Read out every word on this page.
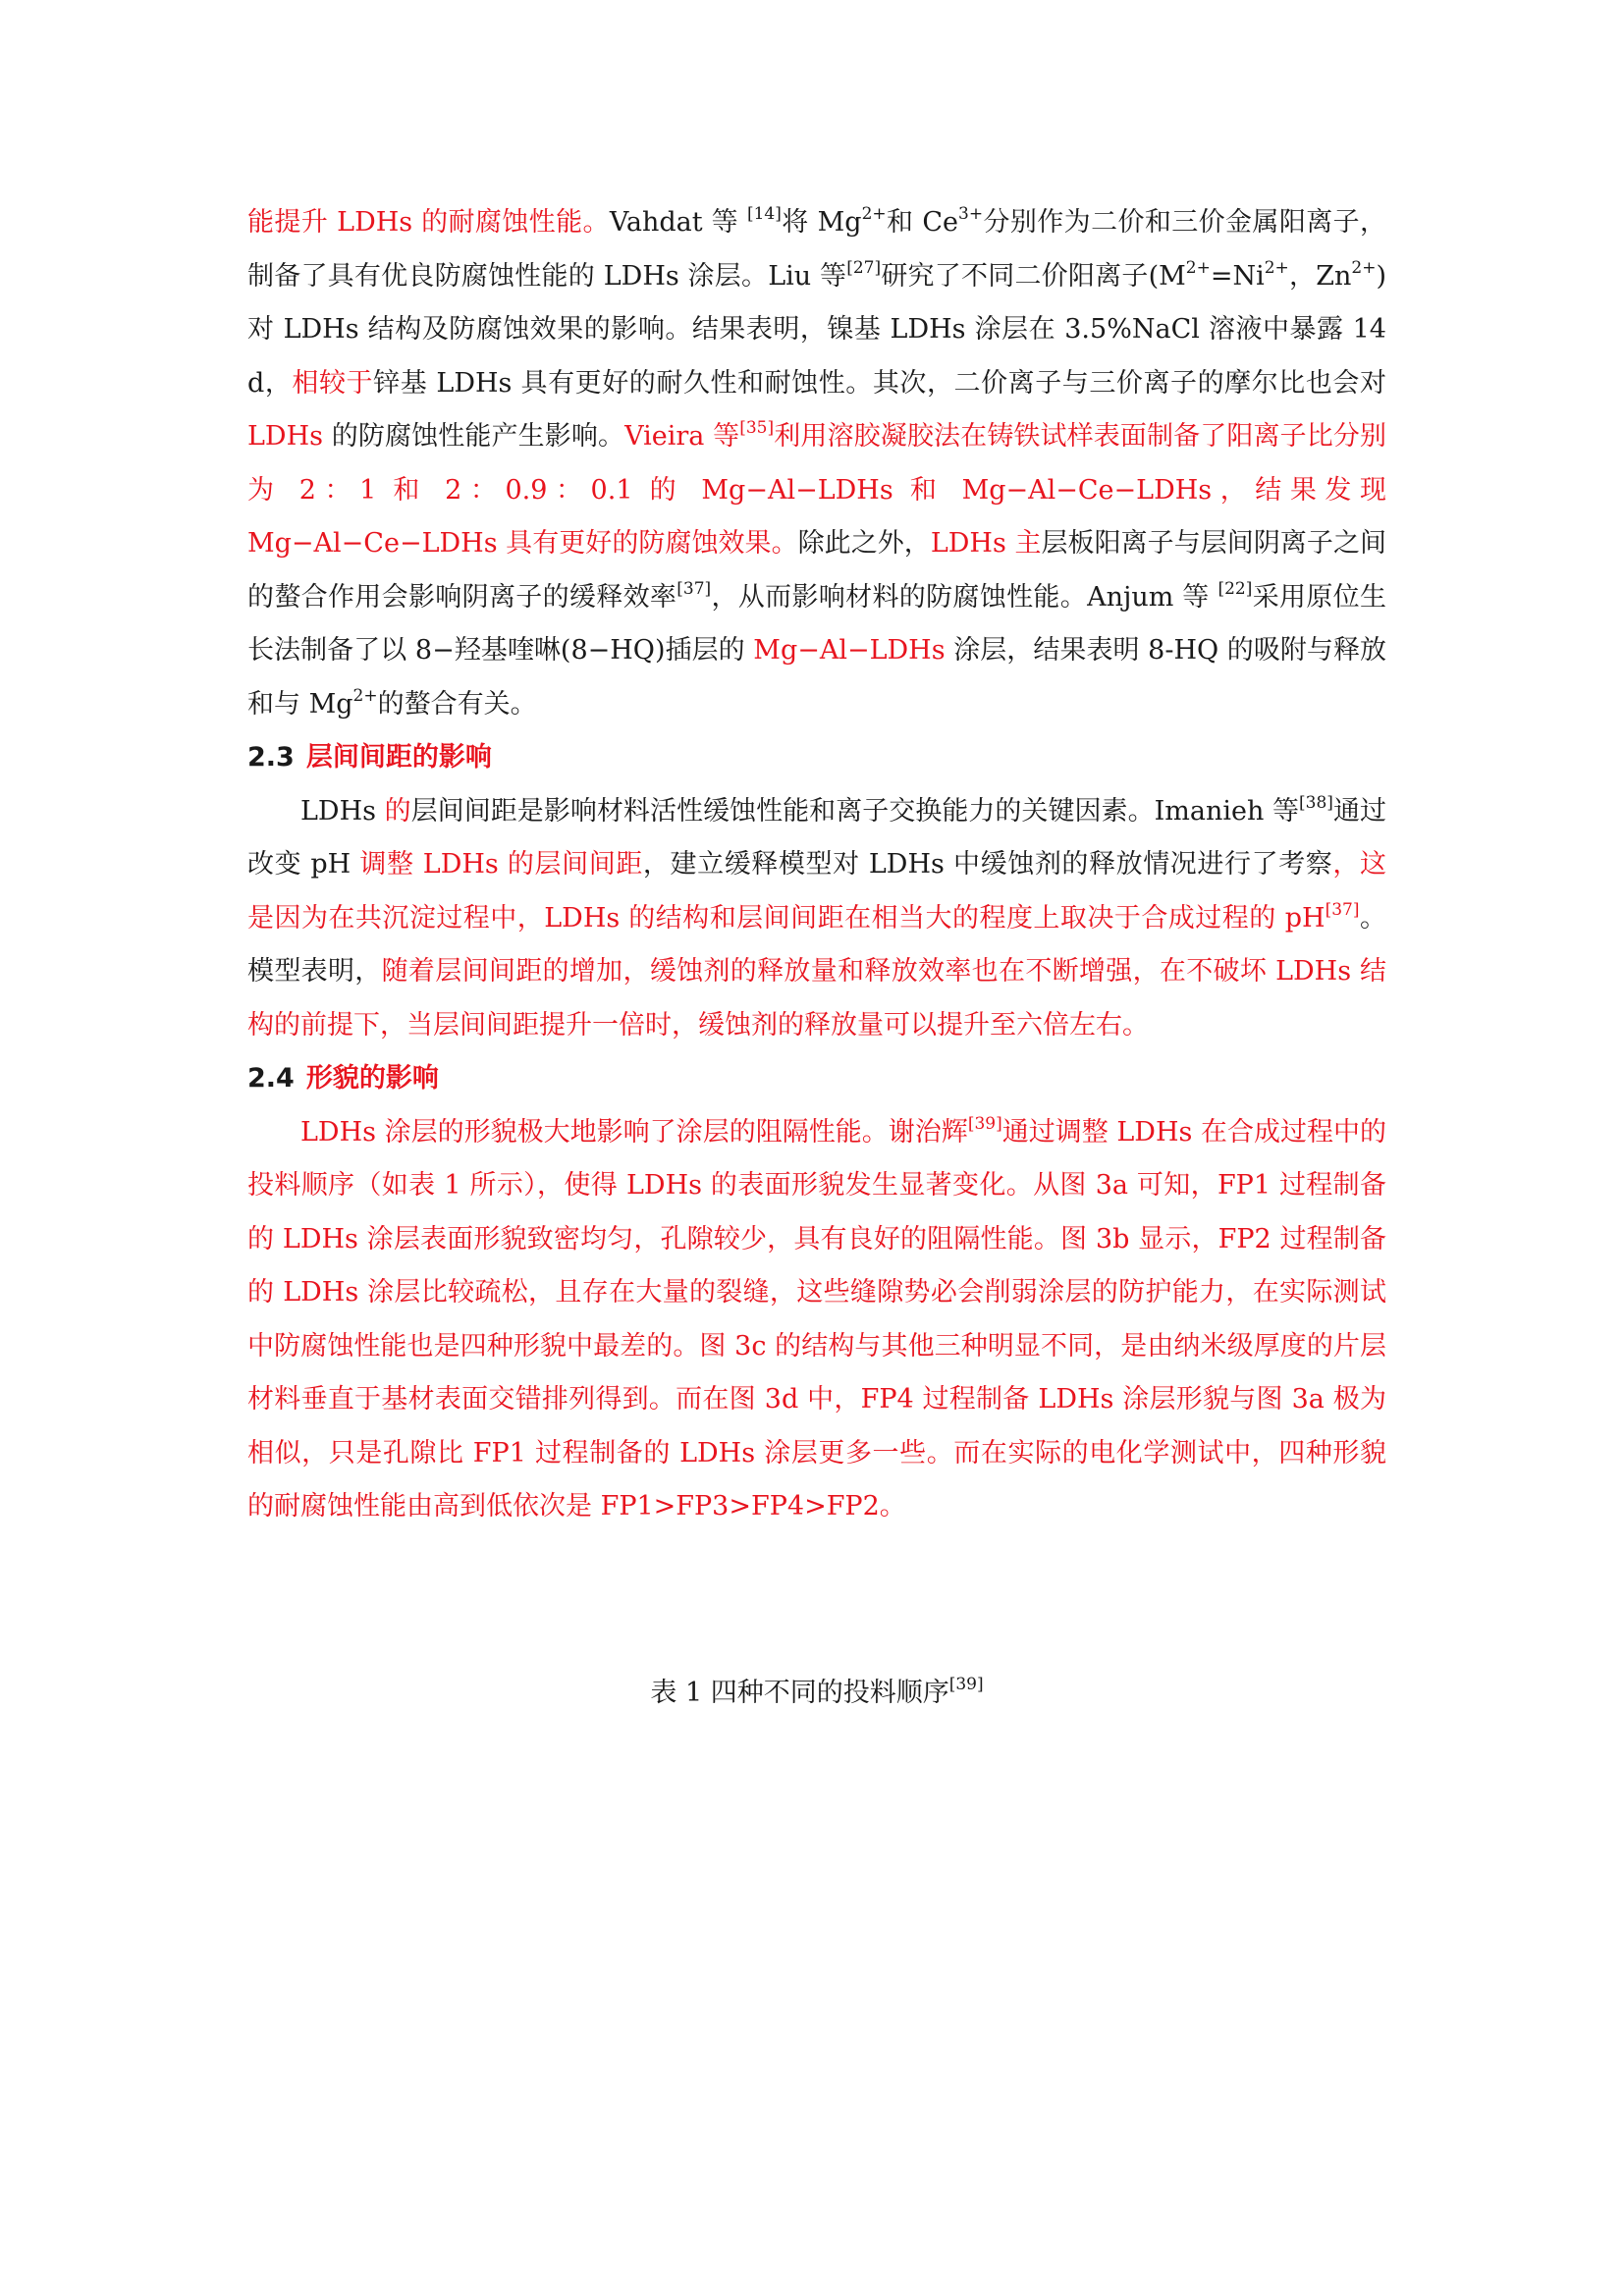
能提升 LDHs 的耐腐蚀性能。Vahdat 等 [14]将 $Mg^{2+}$和 $Ce^{3+}$分别作为二价和三价金属阳离子，制备了具有优良防腐蚀性能的 LDHs 涂层。Liu 等[27]研究了不同二价阳离子($M^{2+}=Ni^{2+}$，$Zn^{2+}$)对 LDHs 结构及防腐蚀效果的影响。结果表明，镍基 LDHs 涂层在 3.5%NaCl 溶液中暴露 14 d，相较于锌基 LDHs 具有更好的耐久性和耐蚀性。其次，二价离子与三价离子的摩尔比也会对 LDHs 的防腐蚀性能产生影响。Vieira 等[35]利用溶胶凝胶法在铸铁试样表面制备了阳离子比分别为 2：1 和 2：0.9：0.1 的 Mg−Al−LDHs 和 Mg−Al−Ce−LDHs，结果发现 Mg−Al−Ce−LDHs 具有更好的防腐蚀效果。除此之外，LDHs 主层板阳离子与层间阴离子之间的螯合作用会影响阴离子的缓释效率[37]，从而影响材料的防腐蚀性能。Anjum 等 [22]采用原位生长法制备了以 8−羟基喹啉(8−HQ)插层的 Mg−Al−LDHs 涂层，结果表明 8-HQ 的吸附与释放和与 $Mg^{2+}$的螯合有关。

2.3 层间间距的影响

LDHs 的层间间距是影响材料活性缓蚀性能和离子交换能力的关键因素。Imanieh 等[38]通过改变 pH 调整 LDHs 的层间间距，建立缓释模型对 LDHs 中缓蚀剂的释放情况进行了考察，这是因为在共沉淀过程中，LDHs 的结构和层间间距在相当大的程度上取决于合成过程的 pH[37]。模型表明，随着层间间距的增加，缓蚀剂的释放量和释放效率也在不断增强，在不破坏 LDHs 结构的前提下，当层间间距提升一倍时，缓蚀剂的释放量可以提升至六倍左右。

2.4 形貌的影响

LDHs 涂层的形貌极大地影响了涂层的阻隔性能。谢治辉[39]通过调整 LDHs 在合成过程中的投料顺序（如表 1 所示），使得 LDHs 的表面形貌发生显著变化。从图 3a 可知，FP1 过程制备的 LDHs 涂层表面形貌致密均匀，孔隙较少，具有良好的阻隔性能。图 3b 显示，FP2 过程制备的 LDHs 涂层比较疏松，且存在大量的裂缝，这些缝隙势必会削弱涂层的防护能力，在实际测试中防腐蚀性能也是四种形貌中最差的。图 3c 的结构与其他三种明显不同，是由纳米级厚度的片层材料垂直于基材表面交错排列得到。而在图 3d 中，FP4 过程制备 LDHs 涂层形貌与图 3a 极为相似，只是孔隙比 FP1 过程制备的 LDHs 涂层更多一些。而在实际的电化学测试中，四种形貌的耐腐蚀性能由高到低依次是 FP1>FP3>FP4>FP2。

表 1 四种不同的投料顺序[39]
